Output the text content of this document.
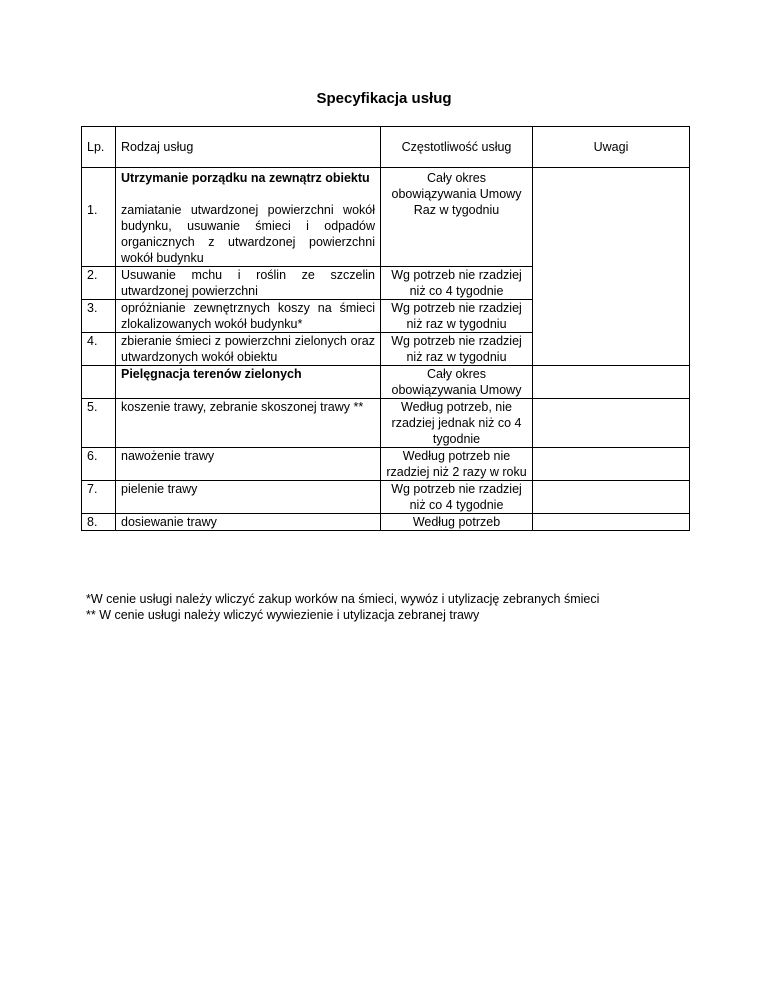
Specyfikacja usług
Lp.	Rodzaj usług	Częstotliwość usług	Uwagi
	Utrzymanie porządku na zewnątrz obiektu	Cały okres obowiązywania Umowy	
1.	zamiatanie utwardzonej powierzchni wokół budynku, usuwanie śmieci i odpadów organicznych z utwardzonej powierzchni wokół budynku	Raz w tygodniu	
2.	Usuwanie mchu i roślin ze szczelin utwardzonej powierzchni	Wg potrzeb nie rzadziej niż co 4 tygodnie	
3.	opróżnianie zewnętrznych koszy na śmieci zlokalizowanych wokół budynku*	Wg potrzeb nie rzadziej niż raz w tygodniu	
4.	zbieranie śmieci z powierzchni zielonych oraz utwardzonych wokół obiektu	Wg potrzeb nie rzadziej niż raz w tygodniu	
	Pielęgnacja terenów zielonych	Cały okres obowiązywania Umowy	
5.	koszenie trawy, zebranie skoszonej trawy **	Według potrzeb, nie rzadziej jednak niż co 4 tygodnie	
6.	nawożenie trawy	Według potrzeb nie rzadziej niż 2 razy w roku	
7.	pielenie trawy	Wg potrzeb nie rzadziej niż co 4 tygodnie	
8.	dosiewanie trawy	Według potrzeb	
*W cenie usługi należy wliczyć zakup worków na śmieci, wywóz i utylizację zebranych śmieci
** W cenie usługi należy wliczyć wywiezienie i utylizacja zebranej trawy
